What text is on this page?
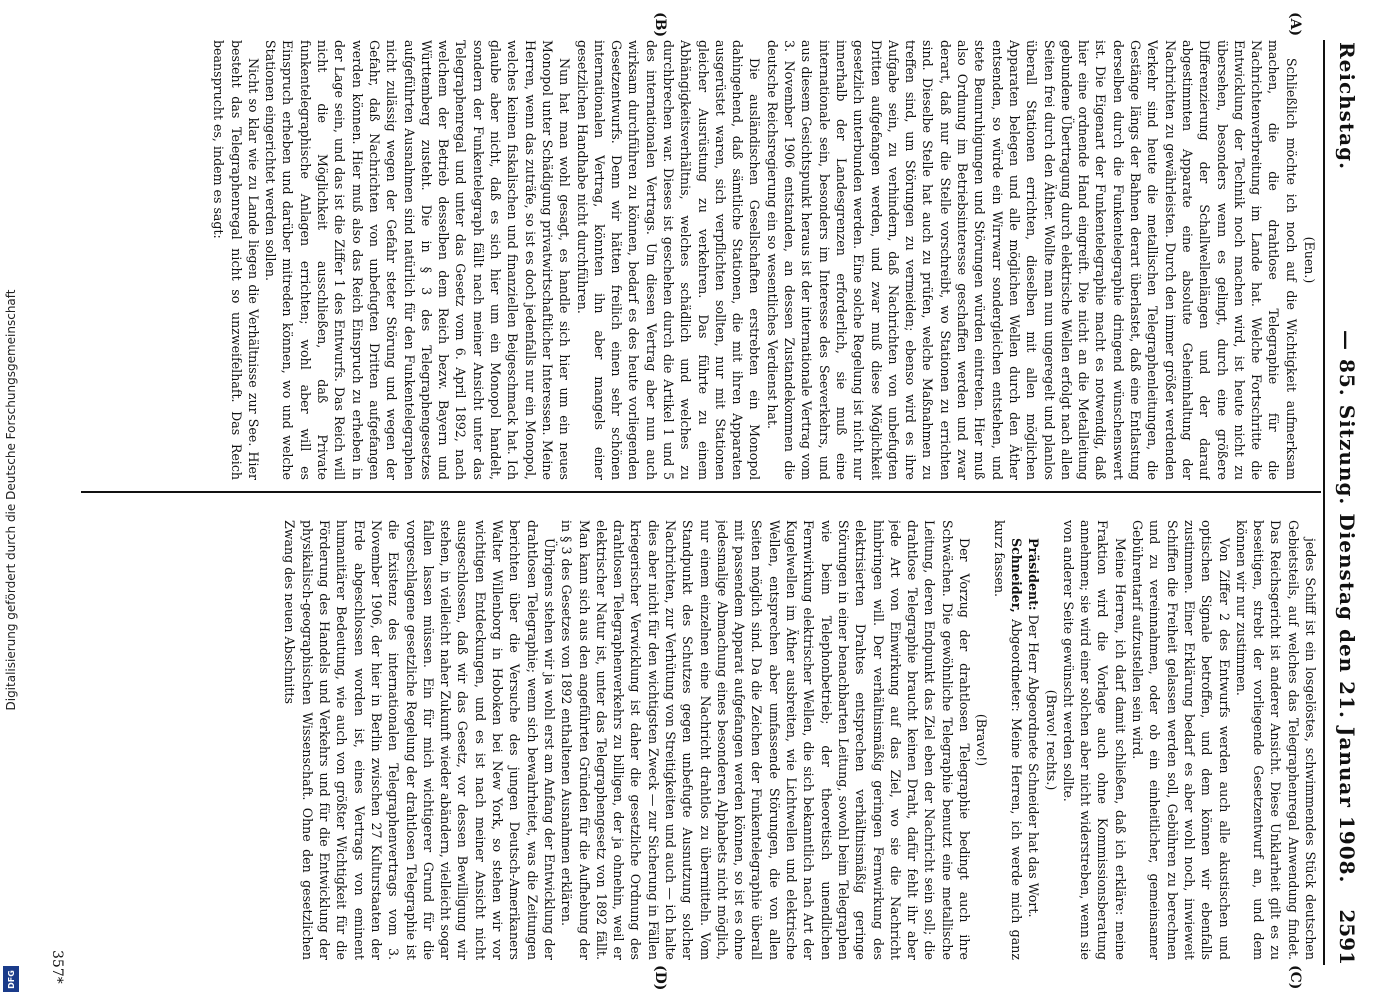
Digitalisierung gefördert durch die Deutsche Forschungsgemeinschaft
DFG
Reichstag.
— 85. Sitzung. Dienstag den 21. Januar 1908.
2591
(A)
(B)
(C)
(D)

(Euen.)

Schließlich möchte ich noch auf die Wichtigkeit aufmerksam machen, die die drahtlose Telegraphie für die Nachrichtenverbreitung im Lande hat. Welche Fortschritte die Entwicklung der Technik noch machen wird, ist heute nicht zu übersehen, besonders wenn es gelingt, durch eine größere Differenzierung der Schallwellenlängen und der darauf abgestimmten Apparate eine absolute Geheimhaltung der Nachrichten zu gewährleisten. Durch den immer größer werdenden Verkehr sind heute die metallischen Telegraphenleitungen, die Gestänge längs der Bahnen derart überlastet, daß eine Entlastung derselben durch die Funkentelegraphie dringend wünschenswert ist. Die Eigenart der Funkentelegraphie macht es notwendig, daß hier eine ordnende Hand eingreift. Die nicht an die Metalleitung gebundene Übertragung durch elektrische Wellen erfolgt nach allen Seiten frei durch den Äther. Wollte man nun ungeregelt und planlos überall Stationen errichten, dieselben mit allen möglichen Apparaten belegen und alle möglichen Wellen durch den Äther entsenden, so würde ein Wirrwarr sondergleichen entstehen, und stete Beunruhigungen und Störungen würden eintreten. Hier muß also Ordnung im Betriebsinteresse geschaffen werden und zwar derart, daß nur die Stelle vorschreibt, wo Stationen zu errichten sind. Dieselbe Stelle hat auch zu prüfen, welche Maßnahmen zu treffen sind, um Störungen zu vermeiden; ebenso wird es ihre Aufgabe sein, zu verhindern, daß Nachrichten von unbefugten Dritten aufgefangen werden, und zwar muß diese Möglichkeit gesetzlich unterbunden werden. Eine solche Regelung ist nicht nur innerhalb der Landesgrenzen erforderlich, sie muß eine internationale sein, besonders im Interesse des Seeverkehrs, und aus diesem Gesichtspunkt heraus ist der internationale Vertrag vom 3. November 1906 entstanden, an dessen Zustandekommen die deutsche Reichsregierung ein so wesentliches Verdienst hat.

Die ausländischen Gesellschaften erstrebten ein Monopol dahingehend, daß sämtliche Stationen, die mit ihren Apparaten ausgerüstet waren, sich verpflichten sollten, nur mit Stationen gleicher Ausrüstung zu verkehren. Das führte zu einem Abhängigkeitsverhältnis, welches schädlich und welches zu durchbrechen war. Dieses ist geschehen durch die Artikel 1 und 5 des internationalen Vertrags. Um diesen Vertrag aber nun auch wirksam durchführen zu können, bedarf es des heute vorliegenden Gesetzentwurfs. Denn wir hätten freilich einen sehr schönen internationalen Vertrag, könnten ihn aber mangels einer gesetzlichen Handhabe nicht durchführen.

Nun hat man wohl gesagt, es handle sich hier um ein neues Monopol unter Schädigung privatwirtschaftlicher Interessen. Meine Herren, wenn das zuträfe, so ist es doch jedenfalls nur ein Monopol, welches keinen fiskalischen und finanziellen Beigeschmack hat. Ich glaube aber nicht, daß es sich hier um ein Monopol handelt, sondern der Funkentelegraph fällt nach meiner Ansicht unter das Telegraphenregal und unter das Gesetz vom 6. April 1892, nach welchem der Betrieb desselben dem Reich bezw. Bayern und Württemberg zusteht. Die in § 3 des Telegraphengesetzes aufgeführten Ausnahmen sind natürlich für den Funkentelegraphen nicht zulässig wegen der Gefahr steter Störung und wegen der Gefahr, daß Nachrichten von unbefugten Dritten aufgefangen werden können. Hier muß also das Reich Einspruch zu erheben in der Lage sein, und das ist die Ziffer 1 des Entwurfs. Das Reich will nicht die Möglichkeit ausschließen, daß Private funkentelegraphische Anlagen errichten; wohl aber will es Einspruch erheben und darüber mitreden können, wo und welche Stationen eingerichtet werden sollen.

Nicht so klar wie zu Lande liegen die Verhältnisse zur See. Hier besteht das Telegraphenregal nicht so unzweifelhaft. Das Reich beansprucht es, indem es sagt:

jedes Schiff ist ein losgelöstes, schwimmendes Stück deutschen Gebietsteils, auf welches das Telegraphenregal Anwendung findet. Das Reichsgericht ist anderer Ansicht. Diese Unklarheit gilt es zu beseitigen, strebt der vorliegende Gesetzentwurf an, und dem können wir nur zustimmen.

Von Ziffer 2 des Entwurfs werden auch alle akustischen und optischen Signale betroffen, und dem können wir ebenfalls zustimmen. Einer Erklärung bedarf es aber wohl noch, inwieweit Schiffen die Freiheit gelassen werden soll, Gebühren zu berechnen und zu vereinnahmen, oder ob ein einheitlicher, gemeinsamer Gebührentarif aufzustellen sein wird.

Meine Herren, ich darf damit schließen, daß ich erkläre: meine Fraktion wird die Vorlage auch ohne Kommissionsberatung annehmen; sie wird einer solchen aber nicht widerstreben, wenn sie von anderer Seite gewünscht werden sollte.

(Bravo! rechts.)

Präsident: Der Herr Abgeordnete Schneider hat das Wort.

Schneider, Abgeordneter: Meine Herren, ich werde mich ganz kurz fassen.

(Bravo!)

Der Vorzug der drahtlosen Telegraphie bedingt auch ihre Schwächen. Die gewöhnliche Telegraphie benutzt eine metallische Leitung, deren Endpunkt das Ziel eben der Nachricht sein soll; die drahtlose Telegraphie braucht keinen Draht, dafür fehlt ihr aber jede Art von Einwirkung auf das Ziel, wo sie die Nachricht hinbringen will. Der verhältnismäßig geringen Fernwirkung des elektrisierten Drahtes entsprechen verhältnismäßig geringe Störungen in einer benachbarten Leitung, sowohl beim Telegraphen wie beim Telephonbetrieb; der theoretisch unendlichen Fernwirkung elektrischer Wellen, die sich bekanntlich nach Art der Kugelwellen im Äther ausbreiten, wie Lichtwellen und elektrische Wellen, entsprechen aber umfassende Störungen, die von allen Seiten möglich sind. Da die Zeichen der Funkentelegraphie überall mit passendem Apparat aufgefangen werden können, so ist es ohne jedesmalige Abmachung eines besonderen Alphabets nicht möglich, nur einem einzelnen eine Nachricht drahtlos zu übermitteln. Vom Standpunkt des Schutzes gegen unbefugte Ausnutzung solcher Nachrichten, zur Verhütung von Streitigkeiten und auch — ich halte dies aber nicht für den wichtigsten Zweck — zur Sicherung in Fällen kriegerischer Verwicklung ist daher die gesetzliche Ordnung des drahtlosen Telegraphenverkehrs zu billigen, der ja ohnehin, weil er elektrischer Natur ist, unter das Telegraphengesetz von 1892 fällt. Man kann sich aus den angeführten Gründen für die Aufhebung der in § 3 des Gesetzes von 1892 enthaltenen Ausnahmen erklären.

Übrigens stehen wir ja wohl erst am Anfang der Entwicklung der drahtlosen Telegraphie; wenn sich bewahrheitet, was die Zeitungen berichten über die Versuche des jungen Deutsch-Amerikaners Walter Willenborg in Hoboken bei New York, so stehen wir vor wichtigen Entdeckungen, und es ist nach meiner Ansicht nicht ausgeschlossen, daß wir das Gesetz, vor dessen Bewilligung wir stehen, in vielleicht naher Zukunft wieder abändern, vielleicht sogar fallen lassen müssen. Ein für mich wichtigerer Grund für die vorgeschlagene gesetzliche Regelung der drahtlosen Telegraphie ist die Existenz des internationalen Telegraphenvertrags vom 3. November 1906, der hier in Berlin zwischen 27 Kulturstaaten der Erde abgeschlossen worden ist, eines Vertrags von eminent humanitärer Bedeutung, wie auch von größter Wichtigkeit für die Förderung des Handels und Verkehrs und für die Entwicklung der physikalisch-geographischen Wissenschaft. Ohne den gesetzlichen Zwang des neuen Abschnitts

357*
